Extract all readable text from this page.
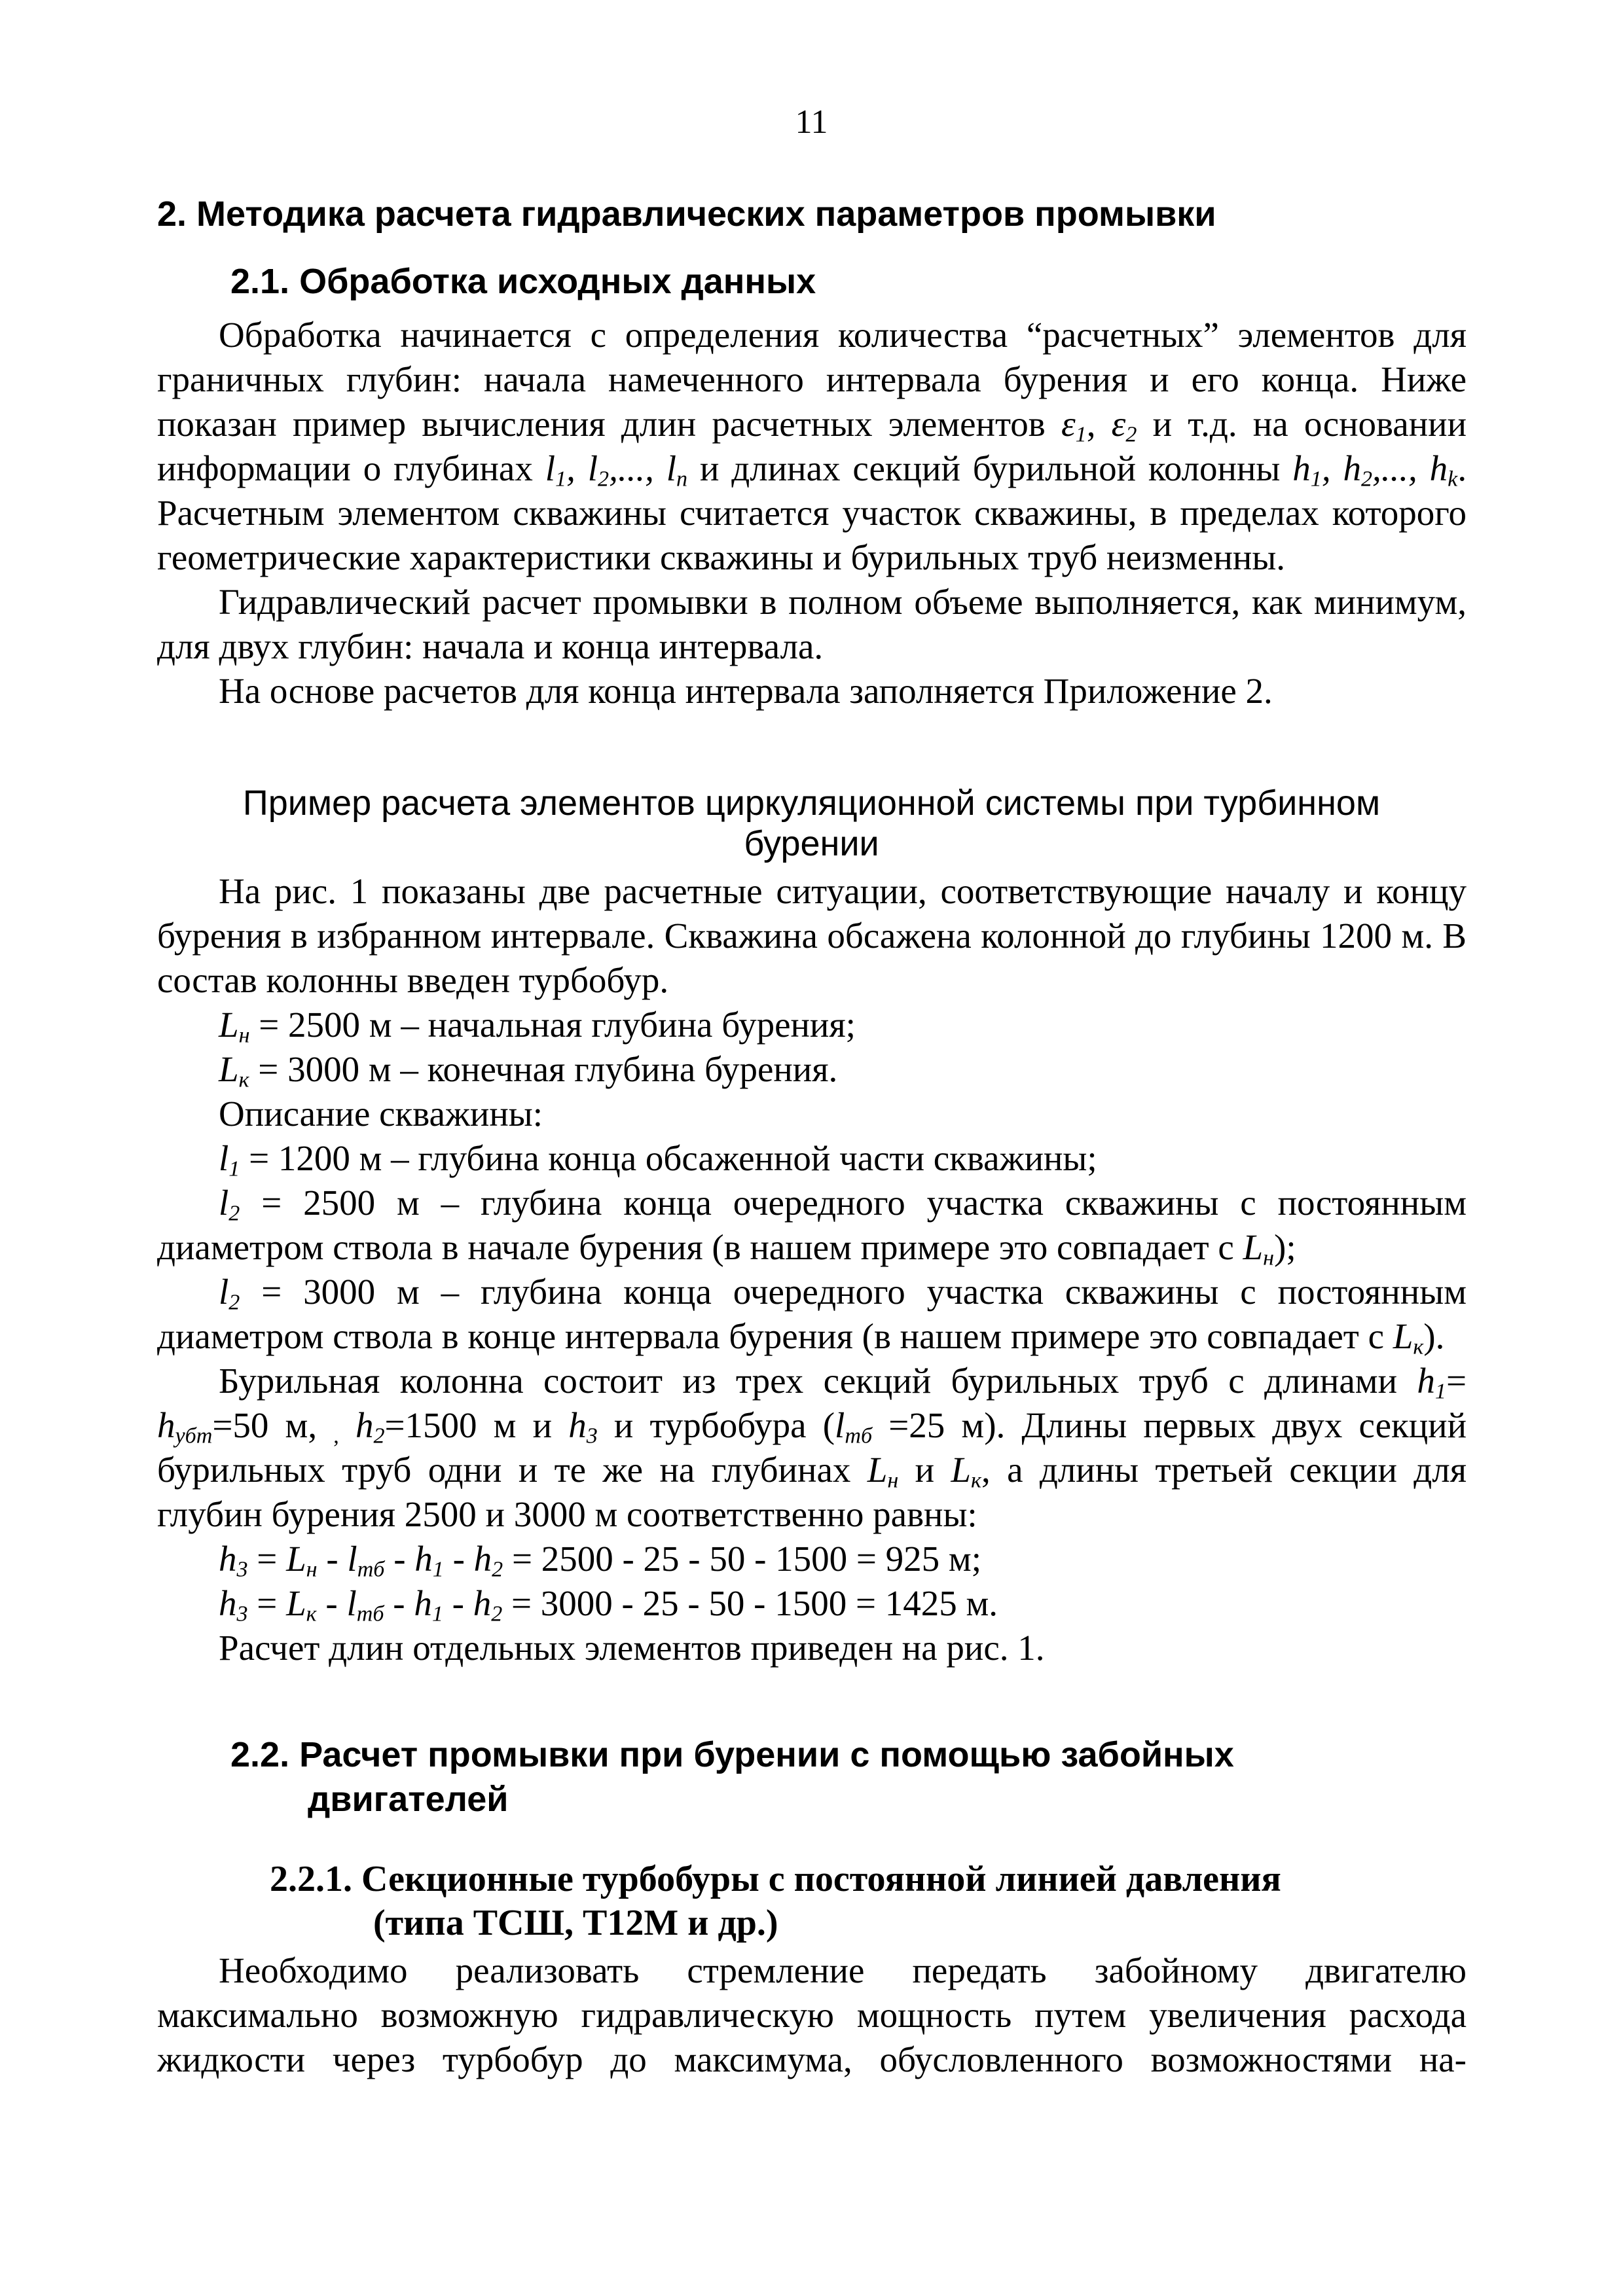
11
2. Методика расчета гидравлических параметров промывки
2.1. Обработка исходных данных

Обработка начинается с определения количества “расчетных” элементов для граничных глубин: начала намеченного интервала бурения и его конца. Ниже показан пример вычисления длин расчетных элементов $\varepsilon_1$, $\varepsilon_2$ и т.д. на основании информации о глубинах $l_1$, $l_2$,..., $l_n$ и длинах секций бурильной колонны $h_1$, $h_2$,..., $h_k$. Расчетным элементом скважины считается участок скважины, в пределах которого геометрические характеристики скважины и бурильных труб неизменны.

Гидравлический расчет промывки в полном объеме выполняется, как минимум, для двух глубин: начала и конца интервала.

На основе расчетов для конца интервала заполняется Приложение 2.

Пример расчета элементов циркуляционной системы при турбинном
бурении

На рис. 1 показаны две расчетные ситуации, соответствующие началу и концу бурения в избранном интервале. Скважина обсажена колонной до глубины 1200 м. В состав колонны введен турбобур.

$L_н = 2500$ м – начальная глубина бурения;

$L_к = 3000$ м – конечная глубина бурения.

Описание скважины:

$l_1 = 1200$ м – глубина конца обсаженной части скважины;

$l_2 = 2500$ м – глубина конца очередного участка скважины с постоянным диаметром ствола в начале бурения (в нашем примере это совпадает с $L_н$);

$l_2 = 3000$ м – глубина конца очередного участка скважины с постоянным диаметром ствола в конце интервала бурения (в нашем примере это совпадает с $L_к$).

Бурильная колонна состоит из трех секций бурильных труб с длинами $h_1= h_{убт}=50$ м, $_,$ $h_2=1500$ м и $h_3$ и турбобура ($l_{тб} =25$ м). Длины первых двух секций бурильных труб одни и те же на глубинах $L_н$ и $L_к$, а длины третьей секции для глубин бурения 2500 и 3000 м соответственно равны:

$h_3 = L_н - l_{тб} - h_1 - h_2 = 2500 - 25 - 50 - 1500 = 925$ м;

$h_3 = L_к - l_{тб} - h_1 - h_2 = 3000 - 25 - 50 - 1500 = 1425$ м.

Расчет длин отдельных элементов приведен на рис. 1.

2.2. Расчет промывки при бурении с помощью забойных
двигателей
2.2.1. Секционные турбобуры с постоянной линией давления
(типа ТСШ, Т12М и др.)

Необходимо реализовать стремление передать забойному двигателю максимально возможную гидравлическую мощность путем увеличения расхода жидкости через турбобур до максимума, обусловленного возможностями на-
